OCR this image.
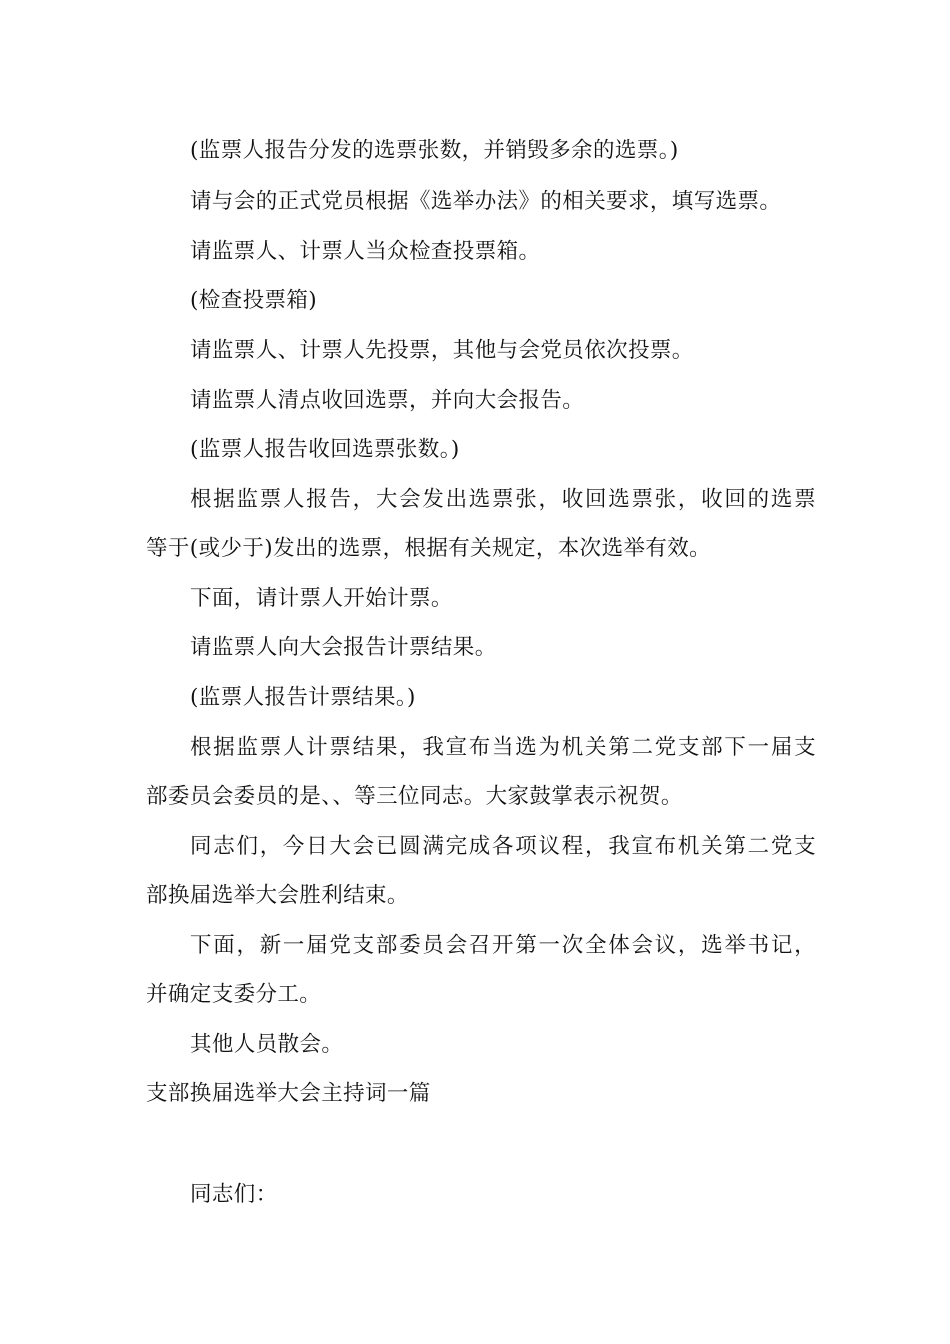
(监票人报告分发的选票张数，并销毁多余的选票。)
请与会的正式党员根据《选举办法》的相关要求，填写选票。
请监票人、计票人当众检查投票箱。
(检查投票箱)
请监票人、计票人先投票，其他与会党员依次投票。
请监票人清点收回选票，并向大会报告。
(监票人报告收回选票张数。)
根据监票人报告，大会发出选票张，收回选票张，收回的选票
等于(或少于)发出的选票，根据有关规定，本次选举有效。
下面，请计票人开始计票。
请监票人向大会报告计票结果。
(监票人报告计票结果。)
根据监票人计票结果，我宣布当选为机关第二党支部下一届支
部委员会委员的是、、等三位同志。大家鼓掌表示祝贺。
同志们，今日大会已圆满完成各项议程，我宣布机关第二党支
部换届选举大会胜利结束。
下面，新一届党支部委员会召开第一次全体会议，选举书记，
并确定支委分工。
其他人员散会。
支部换届选举大会主持词一篇
同志们：
